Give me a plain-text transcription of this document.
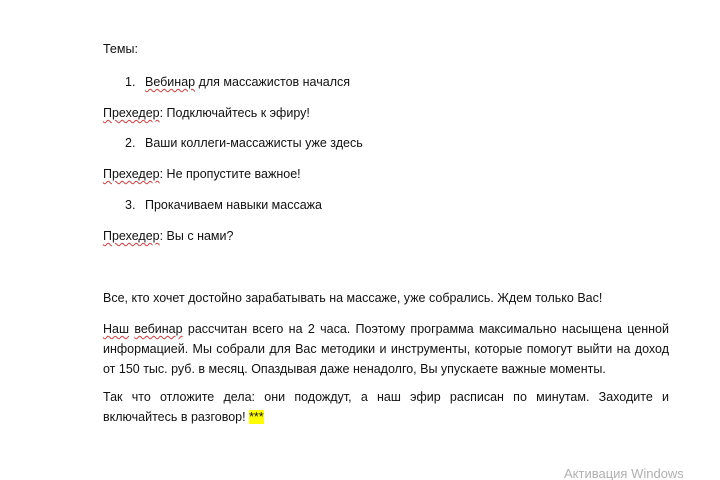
Темы:
1. Вебинар для массажистов начался
Прехедер: Подключайтесь к эфиру!
2. Ваши коллеги-массажисты уже здесь
Прехедер: Не пропустите важное!
3. Прокачиваем навыки массажа
Прехедер: Вы с нами?
Все, кто хочет достойно зарабатывать на массаже, уже собрались. Ждем только Вас!
Наш вебинар рассчитан всего на 2 часа. Поэтому программа максимально насыщена ценной информацией. Мы собрали для Вас методики и инструменты, которые помогут выйти на доход от 150 тыс. руб. в месяц. Опаздывая даже ненадолго, Вы упускаете важные моменты.
Так что отложите дела: они подождут, а наш эфир расписан по минутам. Заходите и включайтесь в разговор! ***
Активация Windows
